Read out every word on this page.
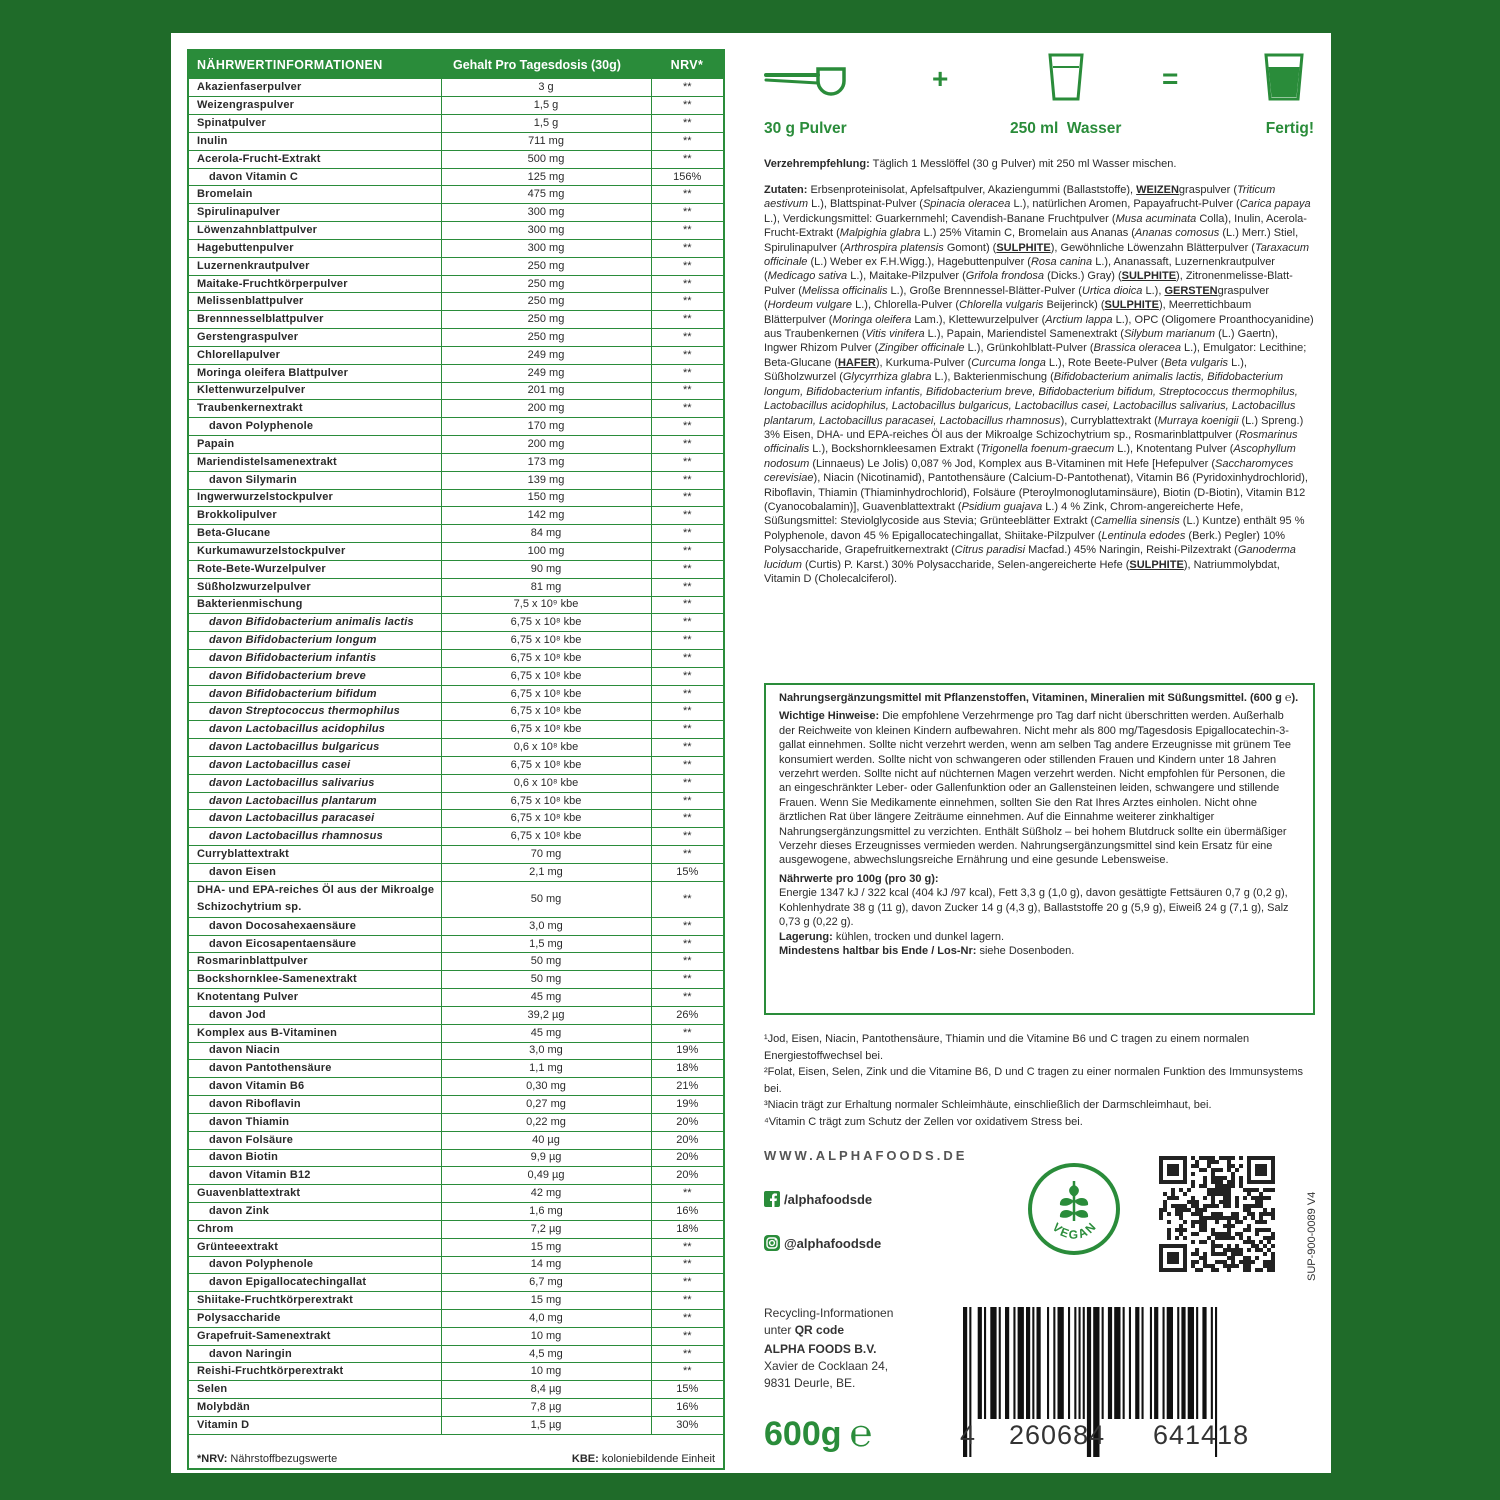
NÄHRWERTINFORMATIONEN	Gehalt Pro Tagesdosis (30g)	NRV*
Akazienfaserpulver	3 g	**
Weizengraspulver	1,5 g	**
Spinatpulver	1,5 g	**
Inulin	711 mg	**
Acerola-Frucht-Extrakt	500 mg	**
davon Vitamin C	125 mg	156%
Bromelain	475 mg	**
Spirulinapulver	300 mg	**
Löwenzahnblattpulver	300 mg	**
Hagebuttenpulver	300 mg	**
Luzernenkrautpulver	250 mg	**
Maitake-Fruchtkörperpulver	250 mg	**
Melissenblattpulver	250 mg	**
Brennnesselblattpulver	250 mg	**
Gerstengraspulver	250 mg	**
Chlorellapulver	249 mg	**
Moringa oleifera Blattpulver	249 mg	**
Klettenwurzelpulver	201 mg	**
Traubenkernextrakt	200 mg	**
davon Polyphenole	170 mg	**
Papain	200 mg	**
Mariendistelsamenextrakt	173 mg	**
davon Silymarin	139 mg	**
Ingwerwurzelstockpulver	150 mg	**
Brokkolipulver	142 mg	**
Beta-Glucane	84 mg	**
Kurkumawurzelstockpulver	100 mg	**
Rote-Bete-Wurzelpulver	90 mg	**
Süßholzwurzelpulver	81 mg	**
Bakterienmischung	7,5 x 10⁹ kbe	**
davon Bifidobacterium animalis lactis	6,75 x 10⁸ kbe	**
davon Bifidobacterium longum	6,75 x 10⁸ kbe	**
davon Bifidobacterium infantis	6,75 x 10⁸ kbe	**
davon Bifidobacterium breve	6,75 x 10⁸ kbe	**
davon Bifidobacterium bifidum	6,75 x 10⁸ kbe	**
davon Streptococcus thermophilus	6,75 x 10⁸ kbe	**
davon Lactobacillus acidophilus	6,75 x 10⁸ kbe	**
davon Lactobacillus bulgaricus	0,6 x 10⁸ kbe	**
davon Lactobacillus casei	6,75 x 10⁸ kbe	**
davon Lactobacillus salivarius	0,6 x 10⁸ kbe	**
davon Lactobacillus plantarum	6,75 x 10⁸ kbe	**
davon Lactobacillus paracasei	6,75 x 10⁸ kbe	**
davon Lactobacillus rhamnosus	6,75 x 10⁸ kbe	**
Curryblattextrakt	70 mg	**
davon Eisen	2,1 mg	15%
DHA- und EPA-reiches Öl aus der Mikroalge Schizochytrium sp.	50 mg	**
davon Docosahexaensäure	3,0 mg	**
davon Eicosapentaensäure	1,5 mg	**
Rosmarinblattpulver	50 mg	**
Bockshornklee-Samenextrakt	50 mg	**
Knotentang Pulver	45 mg	**
davon Jod	39,2 µg	26%
Komplex aus B-Vitaminen	45 mg	**
davon Niacin	3,0 mg	19%
davon Pantothensäure	1,1 mg	18%
davon Vitamin B6	0,30 mg	21%
davon Riboflavin	0,27 mg	19%
davon Thiamin	0,22 mg	20%
davon Folsäure	40 µg	20%
davon Biotin	9,9 µg	20%
davon Vitamin B12	0,49 µg	20%
Guavenblattextrakt	42 mg	**
davon Zink	1,6 mg	16%
Chrom	7,2 µg	18%
Grünteeextrakt	15 mg	**
davon Polyphenole	14 mg	**
davon Epigallocatechingallat	6,7 mg	**
Shiitake-Fruchtkörperextrakt	15 mg	**
Polysaccharide	4,0 mg	**
Grapefruit-Samenextrakt	10 mg	**
davon Naringin	4,5 mg	**
Reishi-Fruchtkörperextrakt	10 mg	**
Selen	8,4 µg	15%
Molybdän	7,8 µg	16%
Vitamin D	1,5 µg	30%
*NRV: Nährstoffbezugswerte	KBE: koloniebildende Einheit
+	=
30 g Pulver	250 ml  Wasser	Fertig!
Verzehrempfehlung: Täglich 1 Messlöffel (30 g Pulver) mit 250 ml Wasser mischen.
Zutaten: Erbsenproteinisolat, Apfelsaftpulver, Akaziengummi (Ballaststoffe), WEIZENgraspulver (Triticum aestivum L.), Blattspinat-Pulver (Spinacia oleracea L.), natürlichen Aromen, Papayafrucht-Pulver (Carica papaya L.), Verdickungsmittel: Guarkernmehl; Cavendish-Banane Fruchtpulver (Musa acuminata Colla), Inulin, Acerola-Frucht-Extrakt (Malpighia glabra L.) 25% Vitamin C, Bromelain aus Ananas (Ananas comosus (L.) Merr.) Stiel, Spirulinapulver (Arthrospira platensis Gomont) (SULPHITE), Gewöhnliche Löwenzahn Blätterpulver (Taraxacum officinale (L.) Weber ex F.H.Wigg.), Hagebuttenpulver (Rosa canina L.), Ananassaft, Luzernenkrautpulver (Medicago sativa L.), Maitake-Pilzpulver (Grifola frondosa (Dicks.) Gray) (SULPHITE), Zitronenmelisse-Blatt-Pulver (Melissa officinalis L.), Große Brennnessel-Blätter-Pulver (Urtica dioica L.), GERSTENgraspulver (Hordeum vulgare L.), Chlorella-Pulver (Chlorella vulgaris Beijerinck) (SULPHITE), Meerrettichbaum Blätterpulver (Moringa oleifera Lam.), Klettewurzelpulver (Arctium lappa L.), OPC (Oligomere Proanthocyanidine) aus Traubenkernen (Vitis vinifera L.), Papain, Mariendistel Samenextrakt (Silybum marianum (L.) Gaertn), Ingwer Rhizom Pulver (Zingiber officinale L.), Grünkohlblatt-Pulver (Brassica oleracea L.), Emulgator: Lecithine; Beta-Glucane (HAFER), Kurkuma-Pulver (Curcuma longa L.), Rote Beete-Pulver (Beta vulgaris L.), Süßholzwurzel (Glycyrrhiza glabra L.), Bakterienmischung (Bifidobacterium animalis lactis, Bifidobacterium longum, Bifidobacterium infantis, Bifidobacterium breve, Bifidobacterium bifidum, Streptococcus thermophilus, Lactobacillus acidophilus, Lactobacillus bulgaricus, Lactobacillus casei, Lactobacillus salivarius, Lactobacillus plantarum, Lactobacillus paracasei, Lactobacillus rhamnosus), Curryblattextrakt (Murraya koenigii (L.) Spreng.) 3% Eisen, DHA- und EPA-reiches Öl aus der Mikroalge Schizochytrium sp., Rosmarinblattpulver (Rosmarinus officinalis L.), Bockshornkleesamen Extrakt (Trigonella foenum-graecum L.), Knotentang Pulver (Ascophyllum nodosum (Linnaeus) Le Jolis) 0,087 % Jod, Komplex aus B-Vitaminen mit Hefe [Hefepulver (Saccharomyces cerevisiae), Niacin (Nicotinamid), Pantothensäure (Calcium-D-Pantothenat), Vitamin B6 (Pyridoxinhydrochlorid), Riboflavin, Thiamin (Thiaminhydrochlorid), Folsäure (Pteroylmonoglutaminsäure), Biotin (D-Biotin), Vitamin B12 (Cyanocobalamin)], Guavenblattextrakt (Psidium guajava L.) 4 % Zink, Chrom-angereicherte Hefe, Süßungsmittel: Steviolglycoside aus Stevia; Grünteeblätter Extrakt (Camellia sinensis (L.) Kuntze) enthält 95 % Polyphenole, davon 45 % Epigallocatechingallat, Shiitake-Pilzpulver (Lentinula edodes (Berk.) Pegler) 10% Polysaccharide, Grapefruitkernextrakt (Citrus paradisi Macfad.) 45% Naringin, Reishi-Pilzextrakt (Ganoderma lucidum (Curtis) P. Karst.) 30% Polysaccharide, Selen-angereicherte Hefe (SULPHITE), Natriummolybdat, Vitamin D (Cholecalciferol).

Nahrungsergänzungsmittel mit Pflanzenstoffen, Vitaminen, Mineralien mit Süßungsmittel. (600 g ℮).

Wichtige Hinweise: Die empfohlene Verzehrmenge pro Tag darf nicht überschritten werden. Außerhalb der Reichweite von kleinen Kindern aufbewahren. Nicht mehr als 800 mg/Tagesdosis Epigallocatechin-3-gallat einnehmen. Sollte nicht verzehrt werden, wenn am selben Tag andere Erzeugnisse mit grünem Tee konsumiert werden. Sollte nicht von schwangeren oder stillenden Frauen und Kindern unter 18 Jahren verzehrt werden. Sollte nicht auf nüchternen Magen verzehrt werden. Nicht empfohlen für Personen, die an eingeschränkter Leber- oder Gallenfunktion oder an Gallensteinen leiden, schwangere und stillende Frauen. Wenn Sie Medikamente einnehmen, sollten Sie den Rat Ihres Arztes einholen. Nicht ohne ärztlichen Rat über längere Zeiträume einnehmen. Auf die Einnahme weiterer zinkhaltiger Nahrungsergänzungsmittel zu verzichten. Enthält Süßholz – bei hohem Blutdruck sollte ein übermäßiger Verzehr dieses Erzeugnisses vermieden werden. Nahrungsergänzungsmittel sind kein Ersatz für eine ausgewogene, abwechslungsreiche Ernährung und eine gesunde Lebensweise.

Nährwerte pro 100g (pro 30 g):
Energie 1347 kJ / 322 kcal (404 kJ /97 kcal), Fett 3,3 g (1,0 g), davon gesättigte Fettsäuren 0,7 g (0,2 g), Kohlenhydrate 38 g (11 g), davon Zucker 14 g (4,3 g), Ballaststoffe 20 g (5,9 g), Eiweiß 24 g (7,1 g), Salz 0,73 g (0,22 g).

Lagerung: kühlen, trocken und dunkel lagern.

Mindestens haltbar bis Ende / Los-Nr: siehe Dosenboden.

¹Jod, Eisen, Niacin, Pantothensäure, Thiamin und die Vitamine B6 und C tragen zu einem normalen Energiestoffwechsel bei.
²Folat, Eisen, Selen, Zink und die Vitamine B6, D und C tragen zu einer normalen Funktion des Immunsystems bei.
³Niacin trägt zur Erhaltung normaler Schleimhäute, einschließlich der Darmschleimhaut, bei.
⁴Vitamin C trägt zum Schutz der Zellen vor oxidativem Stress bei.
WWW.ALPHAFOODS.DE
/alphafoodsde
@alphafoodsde
VEGAN	SUP-900-0089 V4
Recycling-Informationen
unter QR code
ALPHA FOODS B.V.
Xavier de Cocklaan 24,
9831 Deurle, BE.
600g ℮	4 260684 641418
